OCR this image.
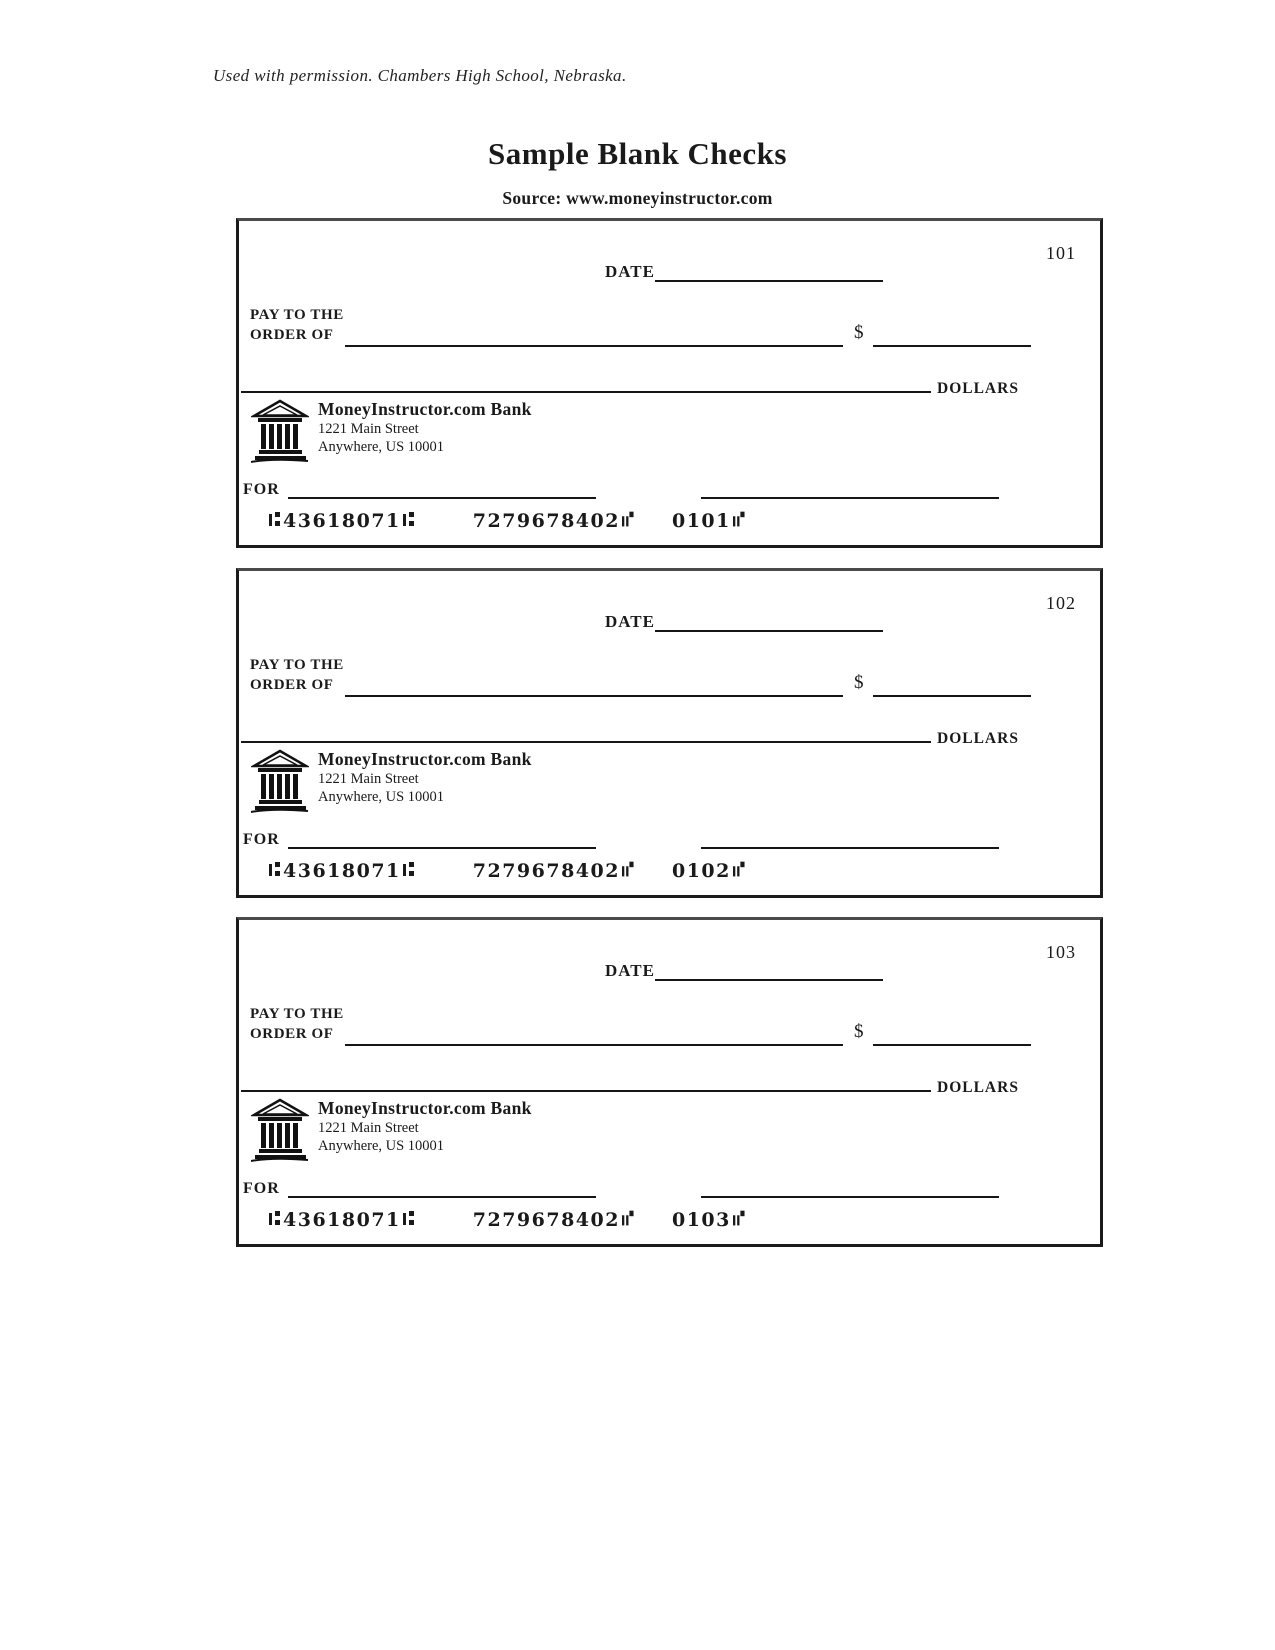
Used with permission. Chambers High School, Nebraska.
Sample Blank Checks
Source: www.moneyinstructor.com
101
DATE
PAY TO THE
ORDER OF	$
DOLLARS
MoneyInstructor.com Bank
1221 Main Street
Anywhere, US 10001
FOR
43618071	7279678402	0101
102
DATE
PAY TO THE
ORDER OF	$
DOLLARS
MoneyInstructor.com Bank
1221 Main Street
Anywhere, US 10001
FOR
43618071	7279678402	0102
103
DATE
PAY TO THE
ORDER OF	$
DOLLARS
MoneyInstructor.com Bank
1221 Main Street
Anywhere, US 10001
FOR
43618071	7279678402	0103
